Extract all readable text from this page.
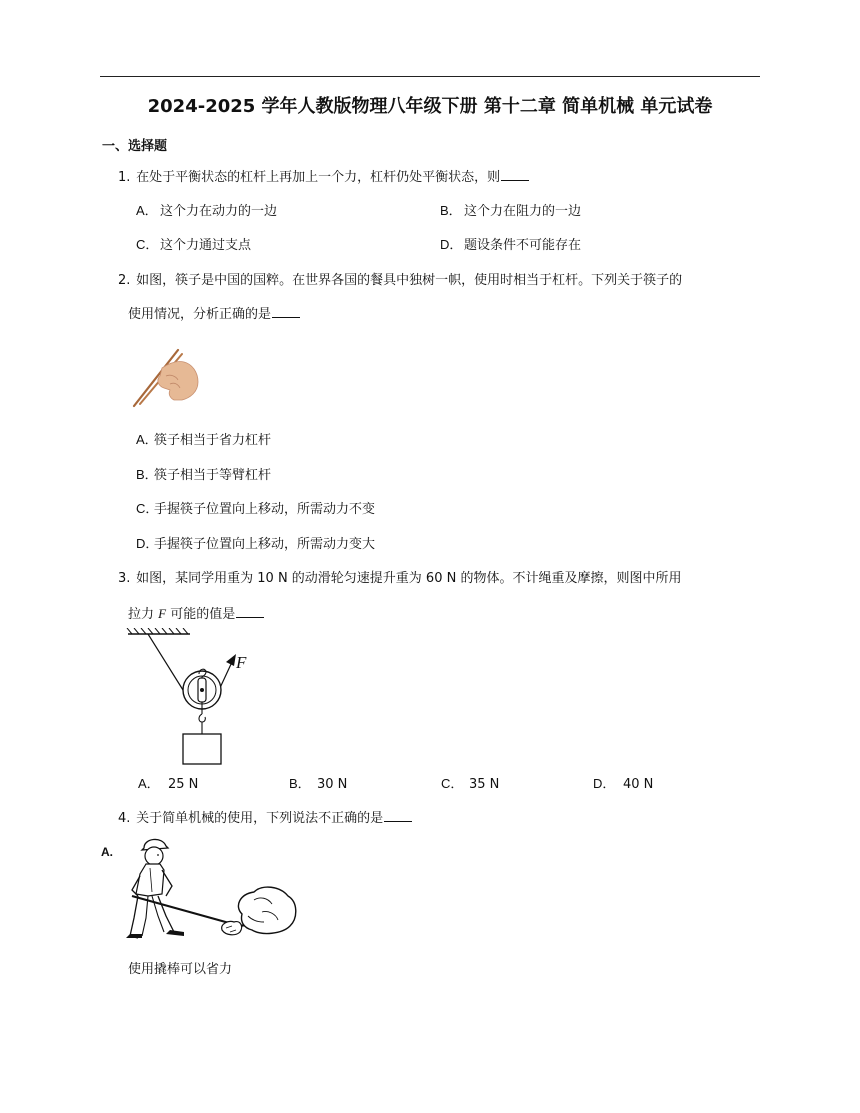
2024-2025 学年人教版物理八年级下册 第十二章 简单机械 单元试卷
一、选择题
1. 在处于平衡状态的杠杆上再加上一个力，杠杆仍处平衡状态，则
A． 这个力在动力的一边	B． 这个力在阻力的一边
C． 这个力通过支点	D． 题设条件不可能存在
2. 如图，筷子是中国的国粹。在世界各国的餐具中独树一帜，使用时相当于杠杆。下列关于筷子的
使用情况，分析正确的是
A．筷子相当于省力杠杆
B．筷子相当于等臂杠杆
C．手握筷子位置向上移动，所需动力不变
D．手握筷子位置向上移动，所需动力变大
3. 如图，某同学用重为 10 N 的动滑轮匀速提升重为 60 N 的物体。不计绳重及摩擦，则图中所用
拉力 F 可能的值是
F
A． 25 N	B． 30 N	C． 35 N	D． 40 N
4. 关于简单机械的使用，下列说法不正确的是
A.
使用撬棒可以省力
